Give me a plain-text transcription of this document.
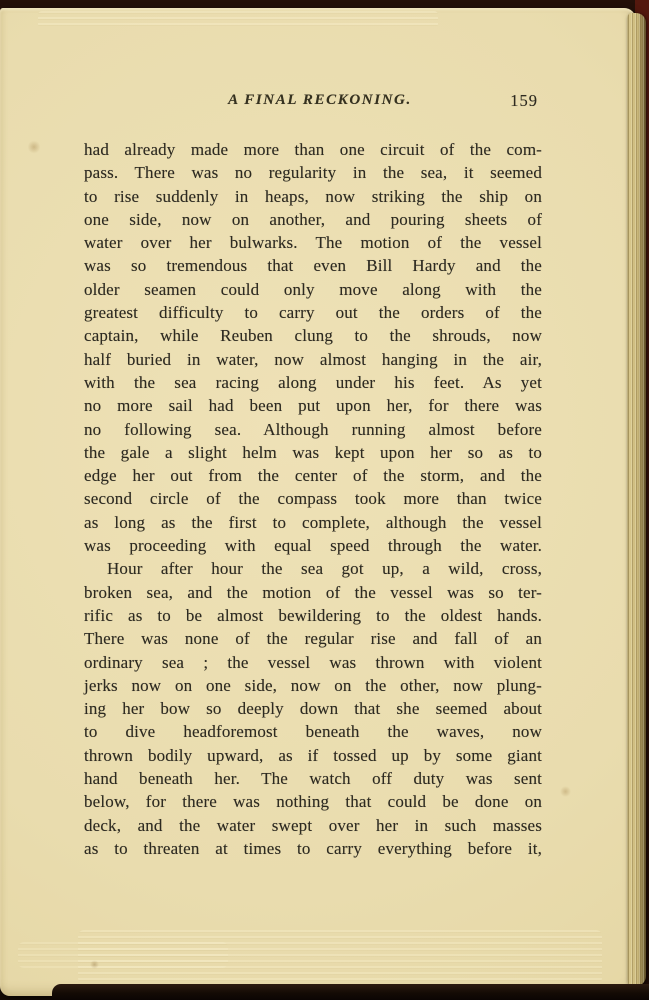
A FINAL RECKONING.	159
had already made more than one circuit of the com-
pass. There was no regularity in the sea, it seemed
to rise suddenly in heaps, now striking the ship on
one side, now on another, and pouring sheets of
water over her bulwarks. The motion of the vessel
was so tremendous that even Bill Hardy and the
older seamen could only move along with the
greatest difficulty to carry out the orders of the
captain, while Reuben clung to the shrouds, now
half buried in water, now almost hanging in the air,
with the sea racing along under his feet. As yet
no more sail had been put upon her, for there was
no following sea. Although running almost before
the gale a slight helm was kept upon her so as to
edge her out from the center of the storm, and the
second circle of the compass took more than twice
as long as the first to complete, although the vessel
was proceeding with equal speed through the water.
Hour after hour the sea got up, a wild, cross,
broken sea, and the motion of the vessel was so ter-
rific as to be almost bewildering to the oldest hands.
There was none of the regular rise and fall of an
ordinary sea ; the vessel was thrown with violent
jerks now on one side, now on the other, now plung-
ing her bow so deeply down that she seemed about
to dive headforemost beneath the waves, now
thrown bodily upward, as if tossed up by some giant
hand beneath her. The watch off duty was sent
below, for there was nothing that could be done on
deck, and the water swept over her in such masses
as to threaten at times to carry everything before it,
